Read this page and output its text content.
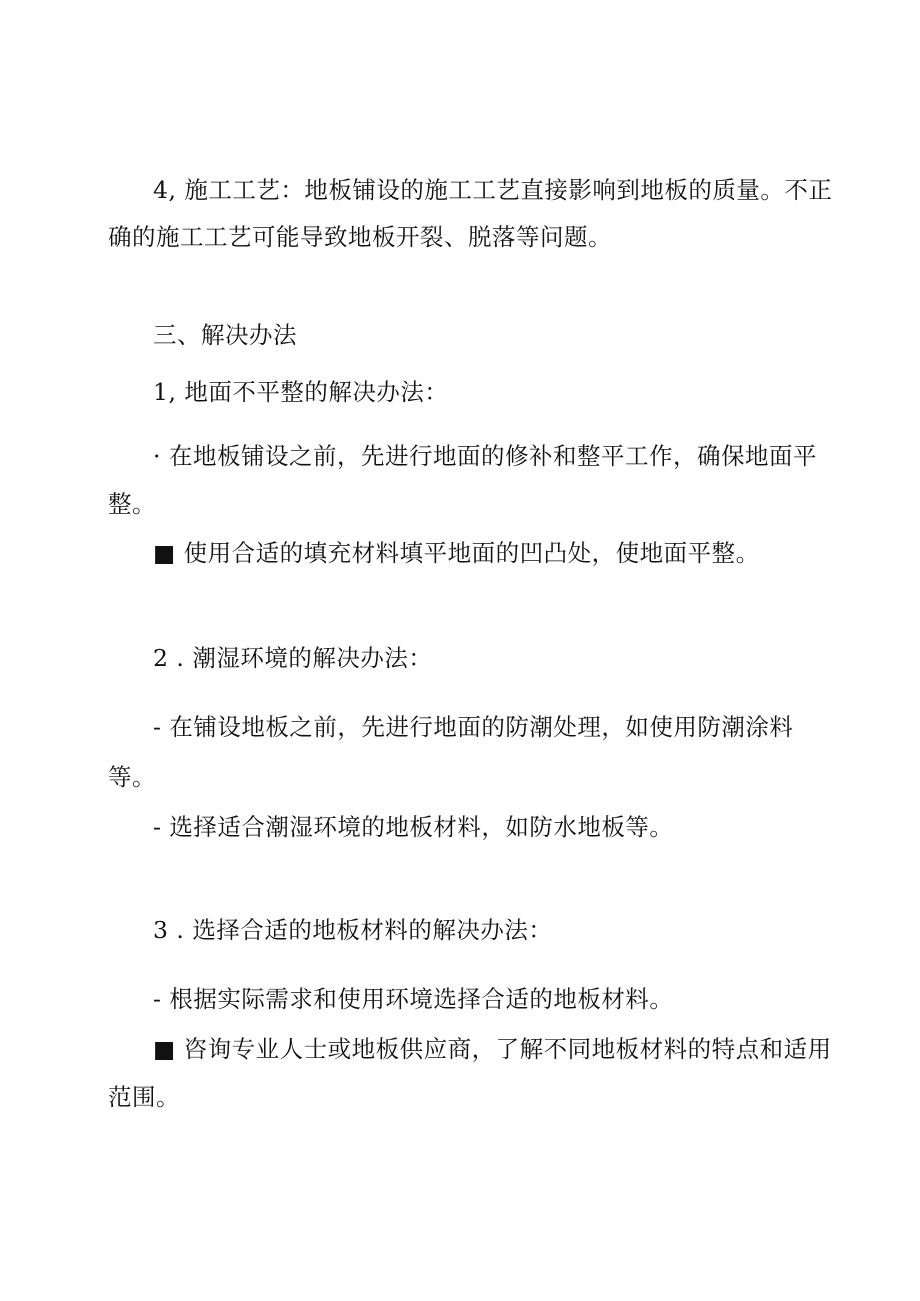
4, 施工工艺：地板铺设的施工工艺直接影响到地板的质量。不正
确的施工工艺可能导致地板开裂、脱落等问题。
三、解决办法
1, 地面不平整的解决办法：
· 在地板铺设之前，先进行地面的修补和整平工作，确保地面平
整。
■ 使用合适的填充材料填平地面的凹凸处，使地面平整。
2 . 潮湿环境的解决办法：
- 在铺设地板之前，先进行地面的防潮处理，如使用防潮涂料
等。
- 选择适合潮湿环境的地板材料，如防水地板等。
3 . 选择合适的地板材料的解决办法：
- 根据实际需求和使用环境选择合适的地板材料。
■ 咨询专业人士或地板供应商，了解不同地板材料的特点和适用
范围。
